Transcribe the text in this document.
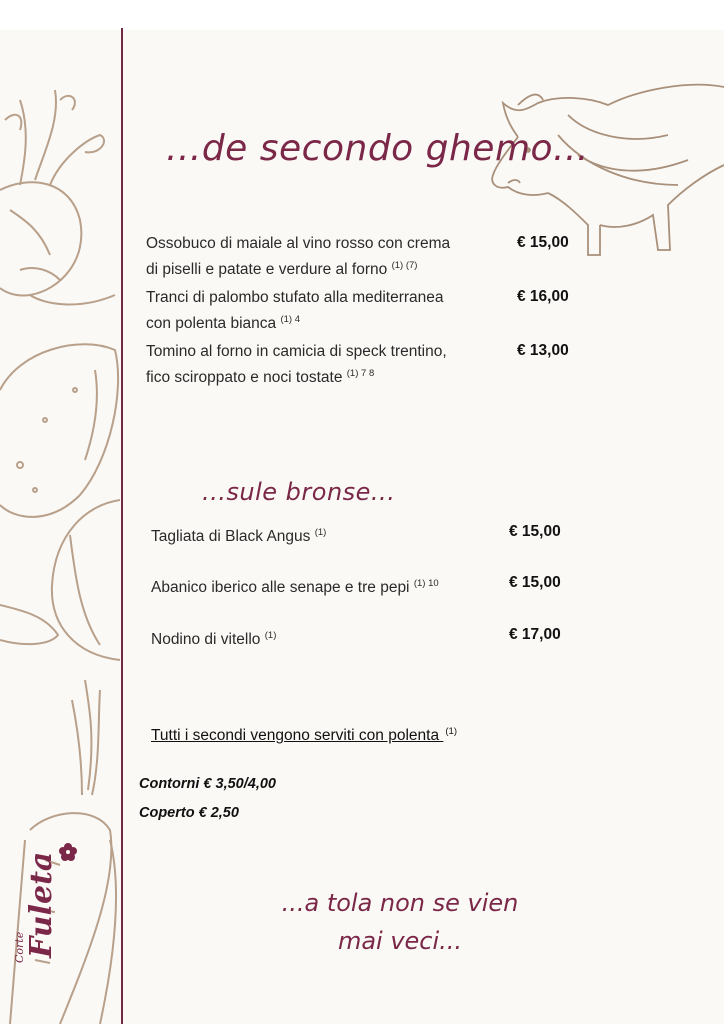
Corte
Fuleta
...de secondo ghemo...
Ossobuco di maiale al vino rosso con crema
di piselli e patate e verdure al forno $^{(1) (7)}$
€ 15,00
Tranci di palombo stufato alla mediterranea
con polenta bianca $^{(1) 4}$
€ 16,00
Tomino al forno in camicia di speck trentino,
fico sciroppato e noci tostate $^{(1) 7 8}$
€ 13,00
...sule bronse...
Tagliata di Black Angus $^{(1)}$	€ 15,00
Abanico iberico alle senape e tre pepi $^{(1) 10}$	€ 15,00
Nodino di vitello $^{(1)}$	€ 17,00
Tutti i secondi vengono serviti con polenta $^{(1)}$
Contorni € 3,50/4,00
Coperto € 2,50
...a tola non se vien
mai veci...
